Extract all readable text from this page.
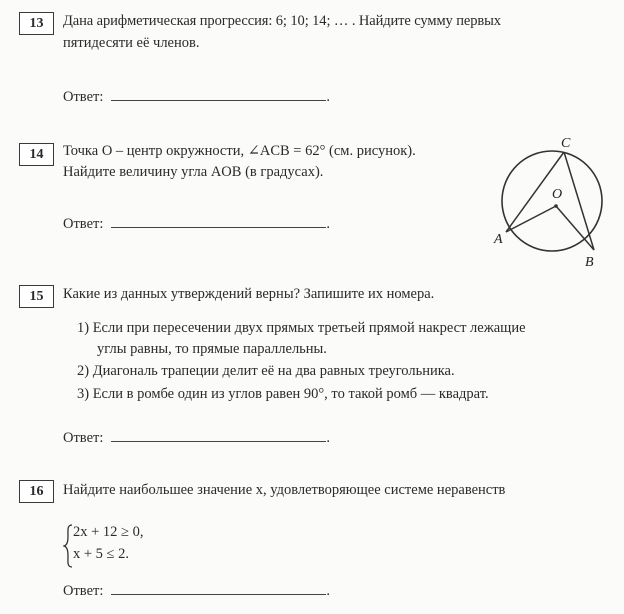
13	Дана арифметическая прогрессия: 6; 10; 14; … . Найдите сумму первых
пятидесяти её членов.
Ответ:	.
14	Точка O – центр окружности, ∠ACB = 62° (см. рисунок).
Найдите величину угла AOB (в градусах).
Ответ:	.
C
O
A
B
15	Какие из данных утверждений верны? Запишите их номера.
1) Если при пересечении двух прямых третьей прямой накрест лежащие
углы равны, то прямые параллельны.
2) Диагональ трапеции делит её на два равных треугольника.
3) Если в ромбе один из углов равен 90°, то такой ромб — квадрат.
Ответ:	.
16	Найдите наибольшее значение x, удовлетворяющее системе неравенств
2x + 12 ≥ 0,
x + 5 ≤ 2.
Ответ:	.
